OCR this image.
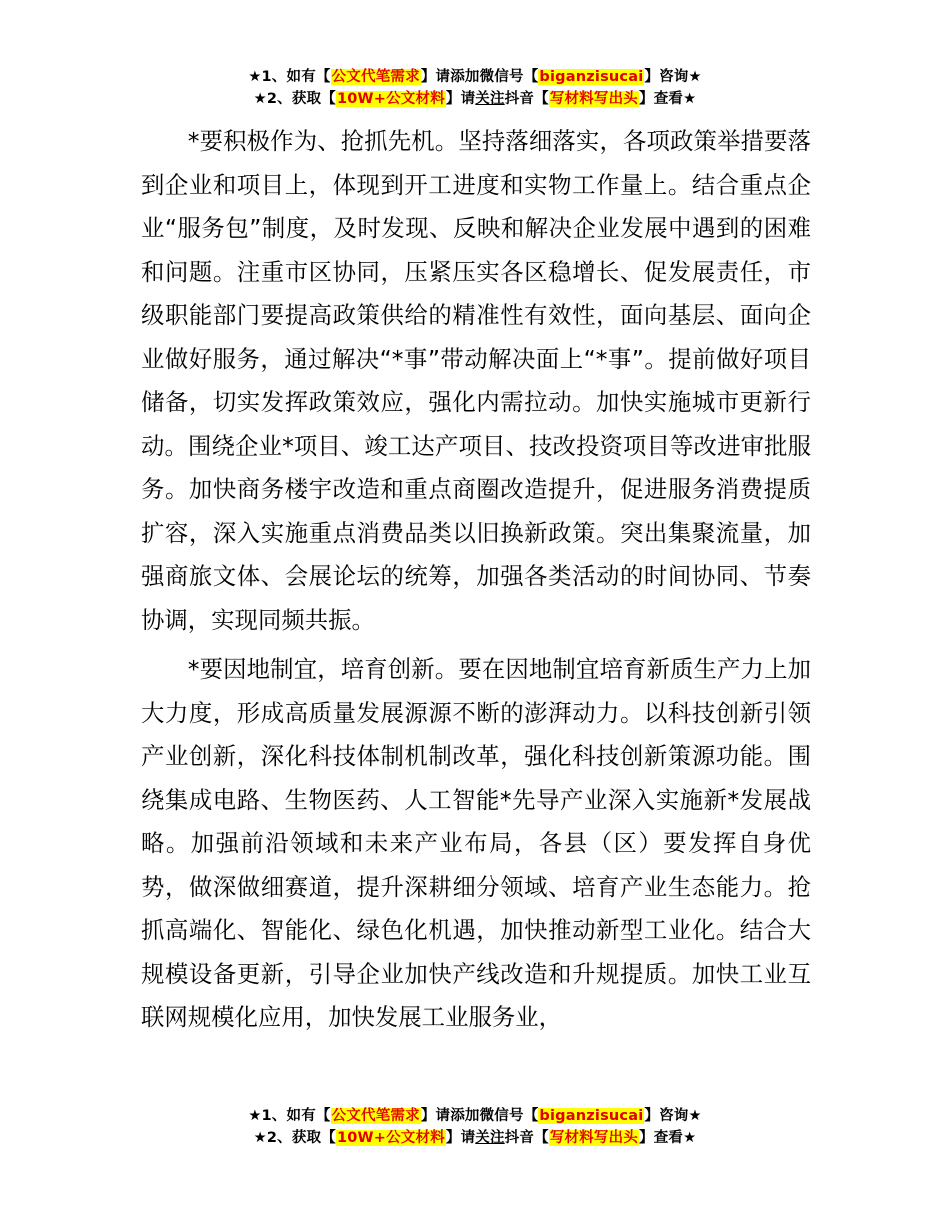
★1、如有【公文代笔需求】请添加微信号【biganzisucai】咨询★
★2、获取【10W+公文材料】请关注抖音【写材料写出头】查看★

*要积极作为、抢抓先机。坚持落细落实，各项政策举措要落到企业和项目上，体现到开工进度和实物工作量上。结合重点企业“服务包”制度，及时发现、反映和解决企业发展中遇到的困难和问题。注重市区协同，压紧压实各区稳增长、促发展责任，市级职能部门要提高政策供给的精准性有效性，面向基层、面向企业做好服务，通过解决“*事”带动解决面上“*事”。提前做好项目储备，切实发挥政策效应，强化内需拉动。加快实施城市更新行动。围绕企业*项目、竣工达产项目、技改投资项目等改进审批服务。加快商务楼宇改造和重点商圈改造提升，促进服务消费提质扩容，深入实施重点消费品类以旧换新政策。突出集聚流量，加强商旅文体、会展论坛的统筹，加强各类活动的时间协同、节奏协调，实现同频共振。

*要因地制宜，培育创新。要在因地制宜培育新质生产力上加大力度，形成高质量发展源源不断的澎湃动力。以科技创新引领产业创新，深化科技体制机制改革，强化科技创新策源功能。围绕集成电路、生物医药、人工智能*先导产业深入实施新*发展战略。加强前沿领域和未来产业布局，各县（区）要发挥自身优势，做深做细赛道，提升深耕细分领域、培育产业生态能力。抢抓高端化、智能化、绿色化机遇，加快推动新型工业化。结合大规模设备更新，引导企业加快产线改造和升规提质。加快工业互联网规模化应用，加快发展工业服务业，

★1、如有【公文代笔需求】请添加微信号【biganzisucai】咨询★
★2、获取【10W+公文材料】请关注抖音【写材料写出头】查看★
